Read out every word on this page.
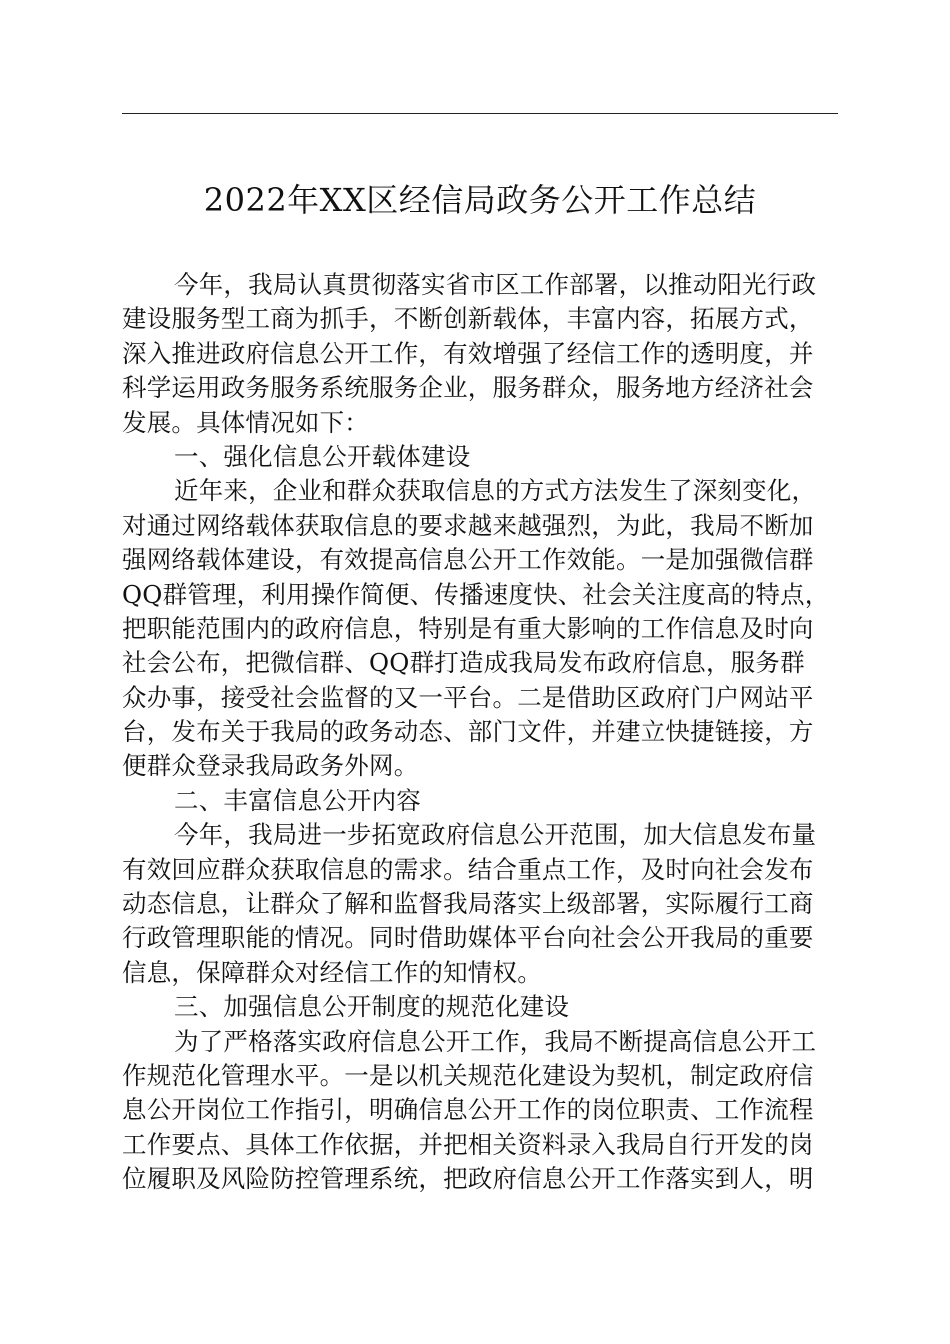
2022年XX区经信局政务公开工作总结
今年，我局认真贯彻落实省市区工作部署，以推动阳光行政
建设服务型工商为抓手，不断创新载体，丰富内容，拓展方式，
深入推进政府信息公开工作，有效增强了经信工作的透明度，并
科学运用政务服务系统服务企业，服务群众，服务地方经济社会
发展。具体情况如下：
一、强化信息公开载体建设
近年来，企业和群众获取信息的方式方法发生了深刻变化，
对通过网络载体获取信息的要求越来越强烈，为此，我局不断加
强网络载体建设，有效提高信息公开工作效能。一是加强微信群
QQ群管理，利用操作简便、传播速度快、社会关注度高的特点，
把职能范围内的政府信息，特别是有重大影响的工作信息及时向
社会公布，把微信群、QQ群打造成我局发布政府信息，服务群
众办事，接受社会监督的又一平台。二是借助区政府门户网站平
台，发布关于我局的政务动态、部门文件，并建立快捷链接，方
便群众登录我局政务外网。
二、丰富信息公开内容
今年，我局进一步拓宽政府信息公开范围，加大信息发布量
有效回应群众获取信息的需求。结合重点工作，及时向社会发布
动态信息，让群众了解和监督我局落实上级部署，实际履行工商
行政管理职能的情况。同时借助媒体平台向社会公开我局的重要
信息，保障群众对经信工作的知情权。
三、加强信息公开制度的规范化建设
为了严格落实政府信息公开工作，我局不断提高信息公开工
作规范化管理水平。一是以机关规范化建设为契机，制定政府信
息公开岗位工作指引，明确信息公开工作的岗位职责、工作流程
工作要点、具体工作依据，并把相关资料录入我局自行开发的岗
位履职及风险防控管理系统，把政府信息公开工作落实到人，明
